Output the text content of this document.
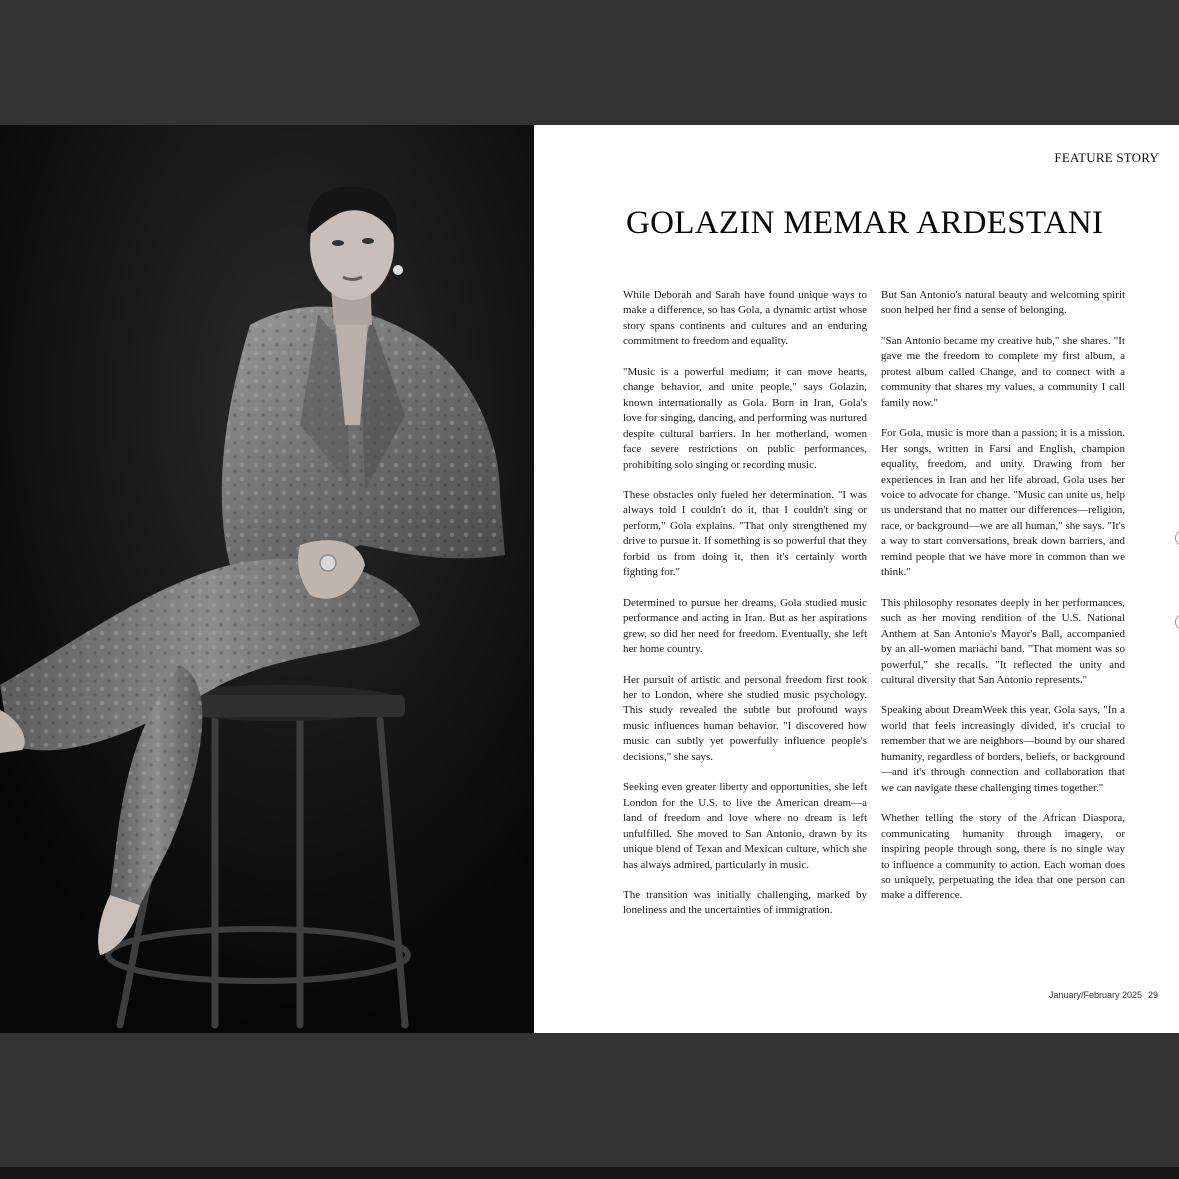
FEATURE STORY
GOLAZIN MEMAR ARDESTANI

While Deborah and Sarah have found unique ways to make a difference, so has Gola, a dynamic artist whose story spans continents and cultures and an enduring commitment to freedom and equality.

"Music is a powerful medium; it can move hearts, change behavior, and unite people," says Golazin, known internationally as Gola. Born in Iran, Gola's love for singing, dancing, and performing was nurtured despite cultural barriers. In her motherland, women face severe restrictions on public performances, prohibiting solo singing or recording music.

These obstacles only fueled her determination. "I was always told I couldn't do it, that I couldn't sing or perform," Gola explains. "That only strengthened my drive to pursue it. If something is so powerful that they forbid us from doing it, then it's certainly worth fighting for."

Determined to pursue her dreams, Gola studied music performance and acting in Iran. But as her aspirations grew, so did her need for freedom. Eventually, she left her home country.

Her pursuit of artistic and personal freedom first took her to London, where she studied music psychology. This study revealed the subtle but profound ways music influences human behavior. "I discovered how music can subtly yet powerfully influence people's decisions," she says.

Seeking even greater liberty and opportunities, she left London for the U.S. to live the American dream—a land of freedom and love where no dream is left unfulfilled. She moved to San Antonio, drawn by its unique blend of Texan and Mexican culture, which she has always admired, particularly in music.

The transition was initially challenging, marked by loneliness and the uncertainties of immigration.

But San Antonio's natural beauty and welcoming spirit soon helped her find a sense of belonging.

"San Antonio became my creative hub," she shares. "It gave me the freedom to complete my first album, a protest album called Change, and to connect with a community that shares my values, a community I call family now."

For Gola, music is more than a passion; it is a mission. Her songs, written in Farsi and English, champion equality, freedom, and unity. Drawing from her experiences in Iran and her life abroad, Gola uses her voice to advocate for change. "Music can unite us, help us understand that no matter our differences—religion, race, or background—we are all human," she says. "It's a way to start conversations, break down barriers, and remind people that we have more in common than we think."

This philosophy resonates deeply in her performances, such as her moving rendition of the U.S. National Anthem at San Antonio's Mayor's Ball, accompanied by an all-women mariachi band. "That moment was so powerful," she recalls. "It reflected the unity and cultural diversity that San Antonio represents."

Speaking about DreamWeek this year, Gola says, "In a world that feels increasingly divided, it's crucial to remember that we are neighbors—bound by our shared humanity, regardless of borders, beliefs, or background—and it's through connection and collaboration that we can navigate these challenging times together."

Whether telling the story of the African Diaspora, communicating humanity through imagery, or inspiring people through song, there is no single way to influence a community to action. Each woman does so uniquely, perpetuating the idea that one person can make a difference.

January/February 2025 29
